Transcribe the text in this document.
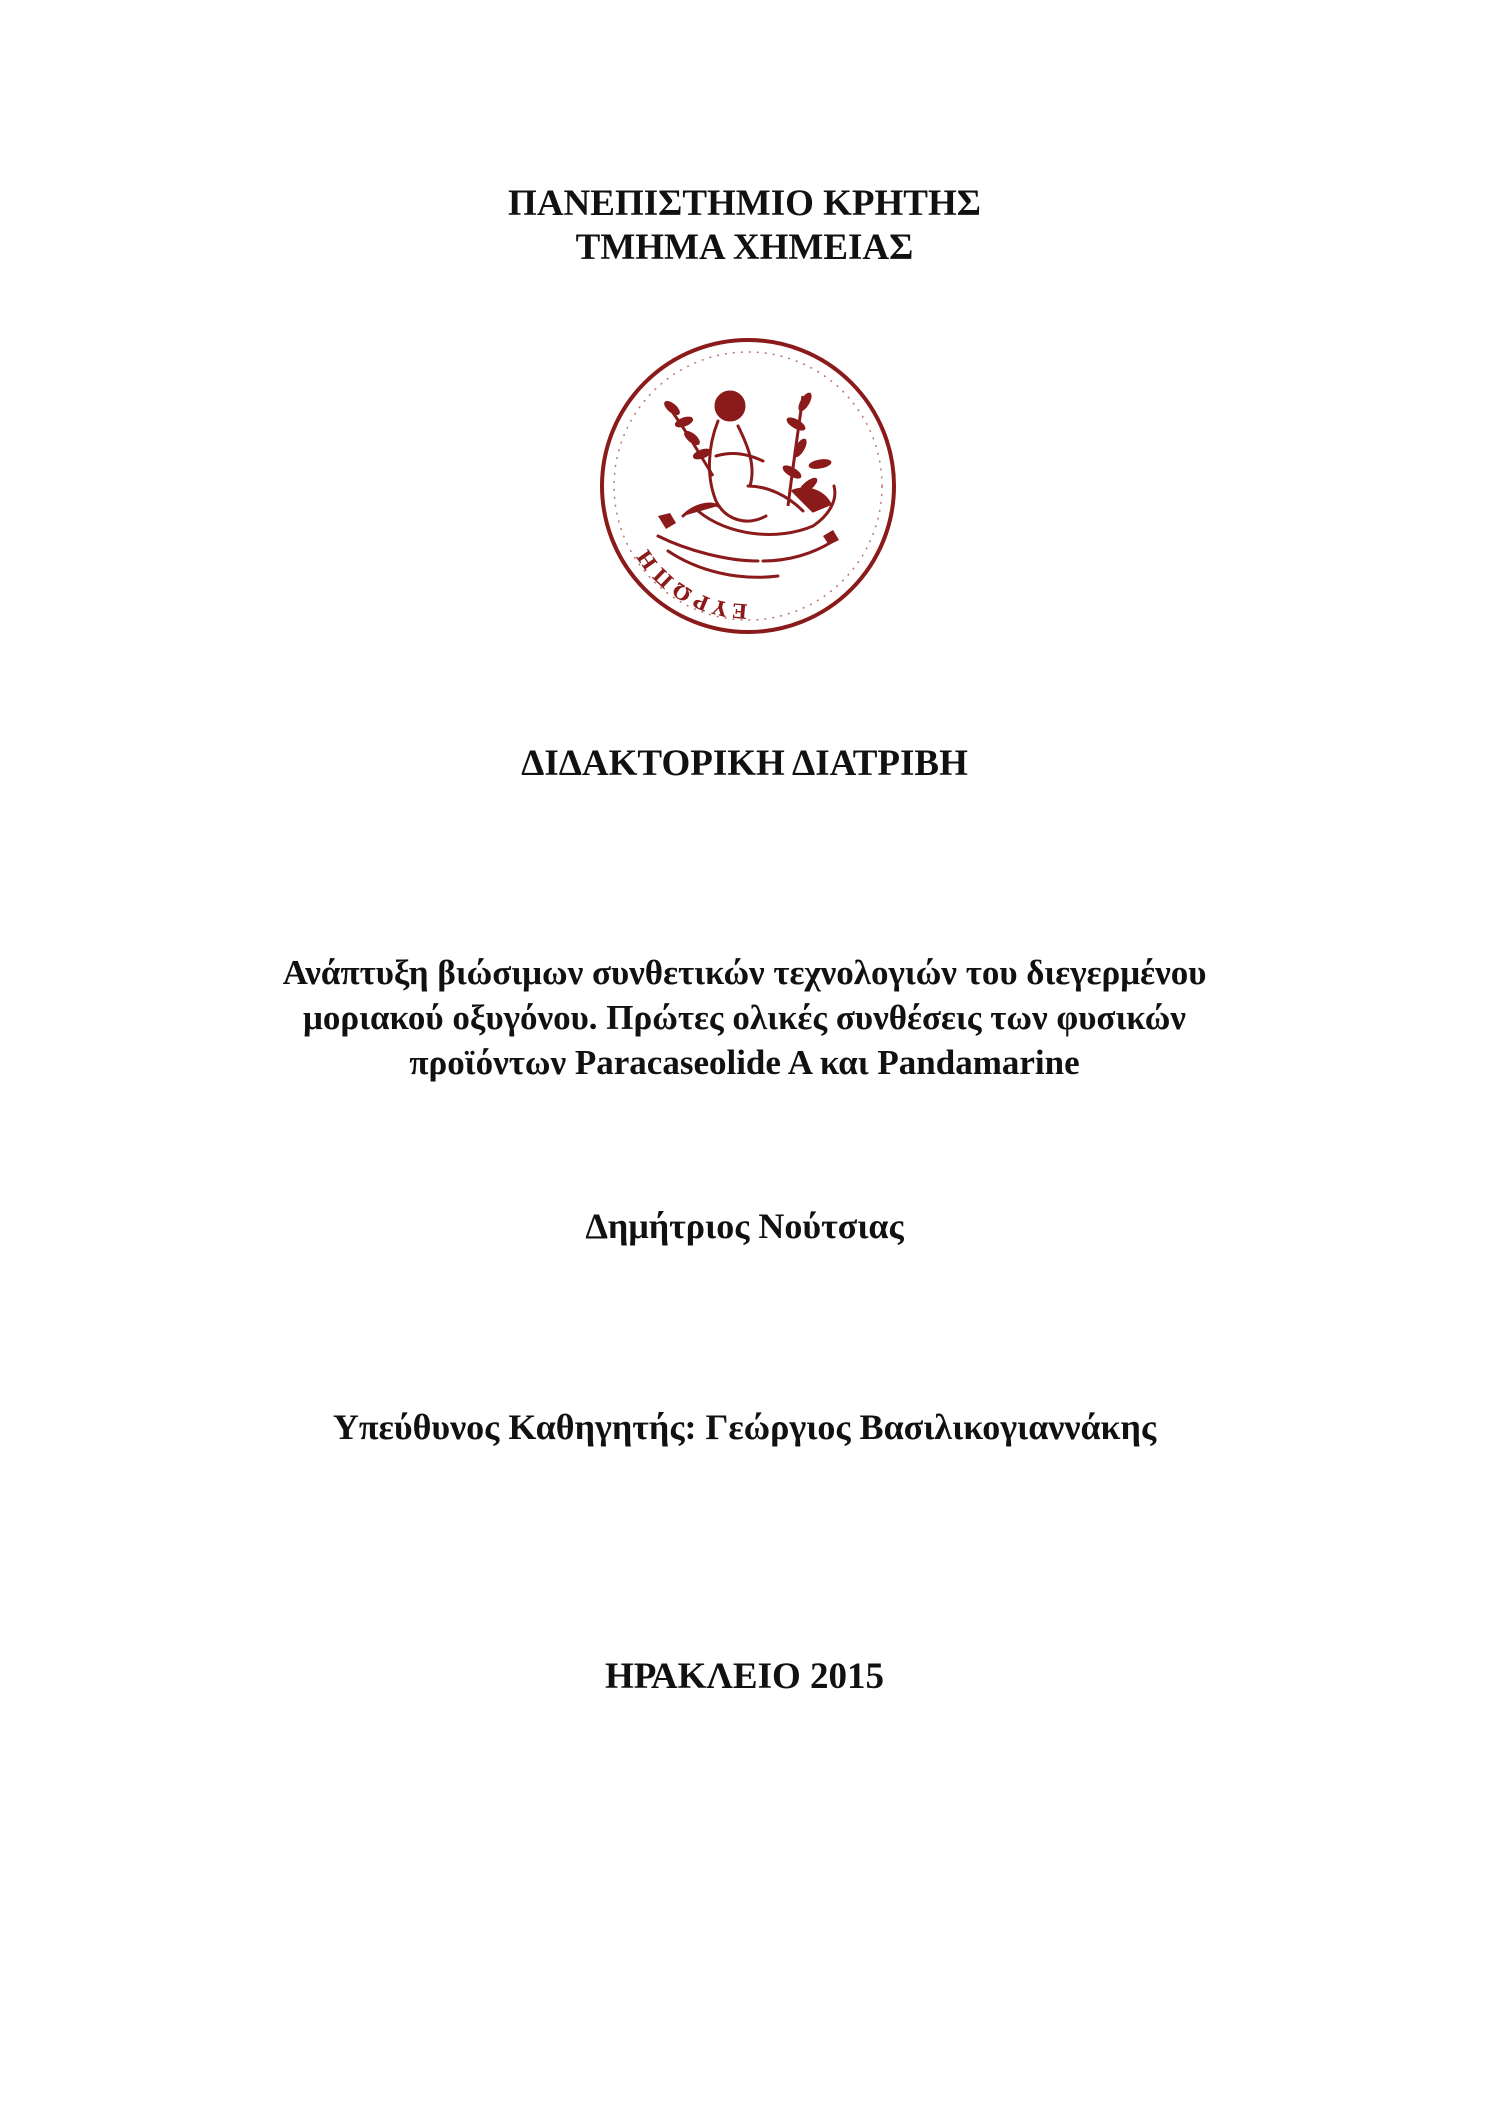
ΠΑΝΕΠΙΣΤΗΜΙΟ ΚΡΗΤΗΣ
ΤΜΗΜΑ ΧΗΜΕΙΑΣ
ΕΥΡΩΠΗ
ΔΙΔΑΚΤΟΡΙΚΗ ΔΙΑΤΡΙΒΗ
Ανάπτυξη βιώσιμων συνθετικών τεχνολογιών του διεγερμένου
μοριακού οξυγόνου. Πρώτες ολικές συνθέσεις των φυσικών
προϊόντων Paracaseolide A και Pandamarine
Δημήτριος Νούτσιας
Υπεύθυνος Καθηγητής: Γεώργιος Βασιλικογιαννάκης
ΗΡΑΚΛΕΙΟ 2015
